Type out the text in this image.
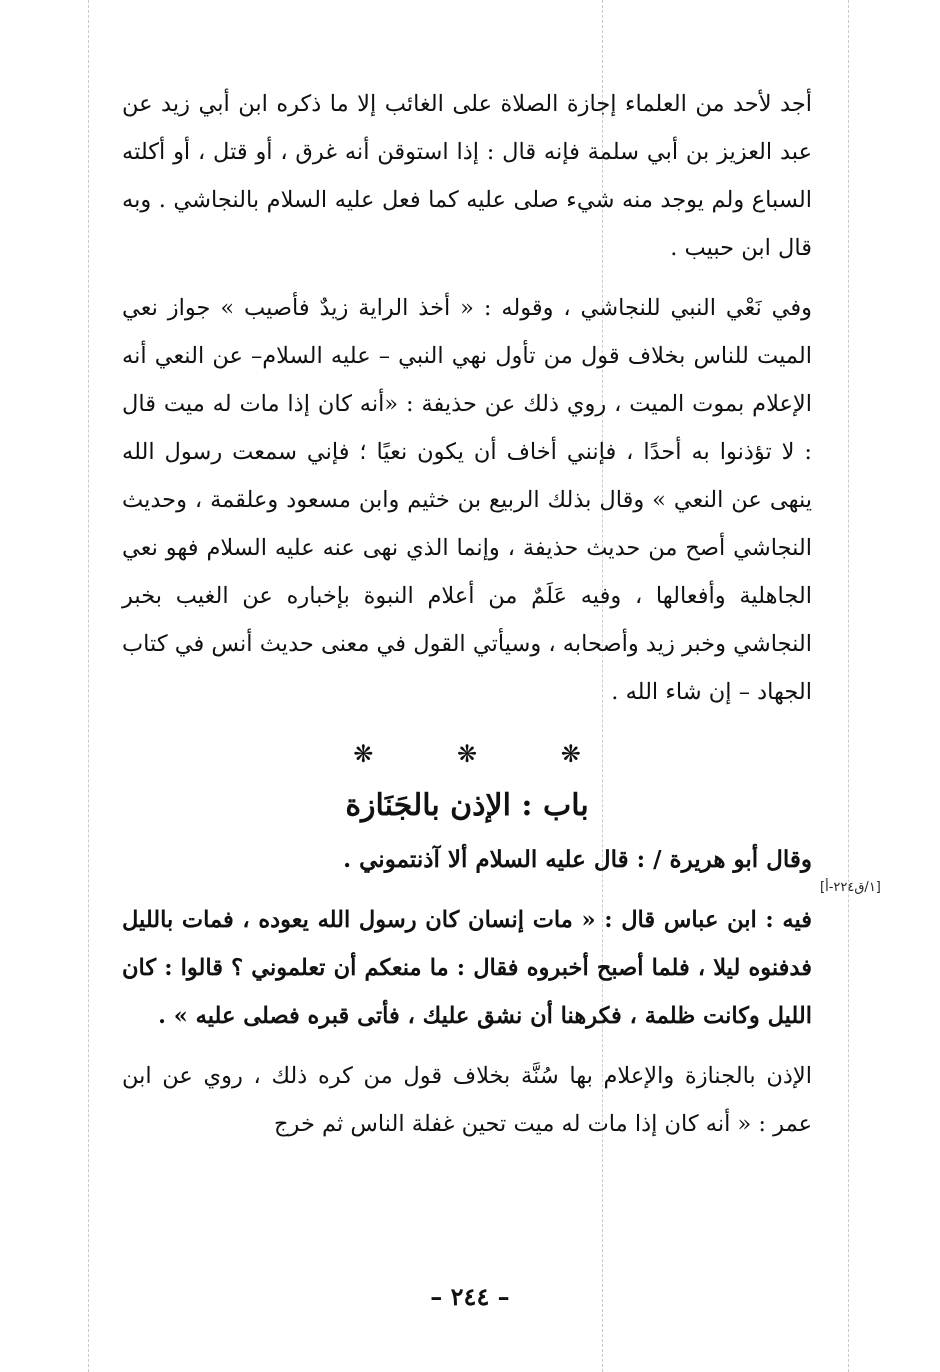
أجد لأحد من العلماء إجازة الصلاة على الغائب إلا ما ذكره ابن أبي زيد عن عبد العزيز بن أبي سلمة فإنه قال : إذا استوقن أنه غرق ، أو قتل ، أو أكلته السباع ولم يوجد منه شيء صلى عليه كما فعل عليه السلام بالنجاشي . وبه قال ابن حبيب .

وفي نَعْي النبي للنجاشي ، وقوله : « أخذ الراية زيدٌ فأصيب » جواز نعي الميت للناس بخلاف قول من تأول نهي النبي – عليه السلام– عن النعي أنه الإعلام بموت الميت ، روي ذلك عن حذيفة : «أنه كان إذا مات له ميت قال : لا تؤذنوا به أحدًا ، فإنني أخاف أن يكون نعيًا ؛ فإني سمعت رسول الله ينهى عن النعي » وقال بذلك الربيع بن خثيم وابن مسعود وعلقمة ، وحديث النجاشي أصح من حديث حذيفة ، وإنما الذي نهى عنه عليه السلام فهو نعي الجاهلية وأفعالها ، وفيه عَلَمٌ من أعلام النبوة بإخباره عن الغيب بخبر النجاشي وخبر زيد وأصحابه ، وسيأتي القول في معنى حديث أنس في كتاب الجهاد – إن شاء الله .

❋ ❋ ❋
باب : الإذن بالجَنَازة
وقال أبو هريرة / : قال عليه السلام ألا آذنتموني .

فيه : ابن عباس قال : « مات إنسان كان رسول الله يعوده ، فمات بالليل فدفنوه ليلا ، فلما أصبح أخبروه فقال : ما منعكم أن تعلموني ؟ قالوا : كان الليل وكانت ظلمة ، فكرهنا أن نشق عليك ، فأتى قبره فصلى عليه » .

الإذن بالجنازة والإعلام بها سُنَّة بخلاف قول من كره ذلك ، روي عن ابن عمر : « أنه كان إذا مات له ميت تحين غفلة الناس ثم خرج

[١/ق٢٢٤-أ]
– ٢٤٤ –
